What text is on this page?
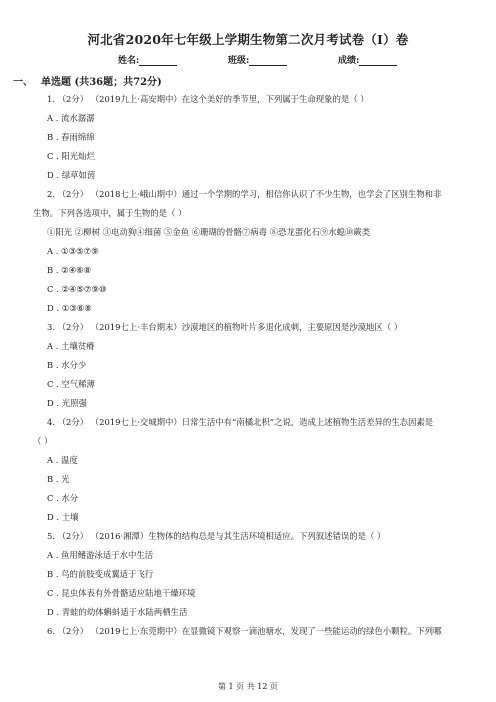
河北省2020年七年级上学期生物第二次月考试卷（I）卷
姓名:	班级:	成绩:
一、 单选题 (共36题；共72分)
1. （2分） （2019九上·高安期中）在这个美好的季节里，下列属于生命现象的是（ ）
A . 流水潺潺
B . 春雨绵绵
C . 阳光灿烂
D . 绿草如茵
2. （2分） （2018七上·峨山期中）通过一个学期的学习，相信你认识了不少生物，也学会了区别生物和非
生物。下列各选项中，属于生物的是（ ）
①阳光 ②柳树 ③电动狗④细菌 ⑤金鱼 ⑥珊瑚的骨骼⑦病毒 ⑧恐龙蛋化石⑨水螅⑩蕨类
A . ①③⑤⑦⑨
B . ②④⑥⑧
C . ②④⑤⑦⑨⑩
D . ①③⑥⑧
3. （2分） （2019七上·丰台期末）沙漠地区的植物叶片多退化成刺，主要原因是沙漠地区（ ）
A . 土壤贫瘠
B . 水分少
C . 空气稀薄
D . 光照强
4. （2分） （2019七上·交城期中）日常生活中有“南橘北枳”之说，造成上述植物生活差异的生态因素是
（ ）
A . 温度
B . 光
C . 水分
D . 土壤
5. （2分） （2016·湘潭）生物体的结构总是与其生活环境相适应。下列叙述错误的是（ ）
A . 鱼用鳍游泳适于水中生活
B . 鸟的前肢变成翼适于飞行
C . 昆虫体表有外骨骼适应陆地干燥环境
D . 青蛙的幼体蝌蚪适于水陆两栖生活
6. （2分） （2019七上·东莞期中）在显微镜下观察一滴池塘水，发现了一些能运动的绿色小颗粒。下列哪
第 1 页 共 12 页
